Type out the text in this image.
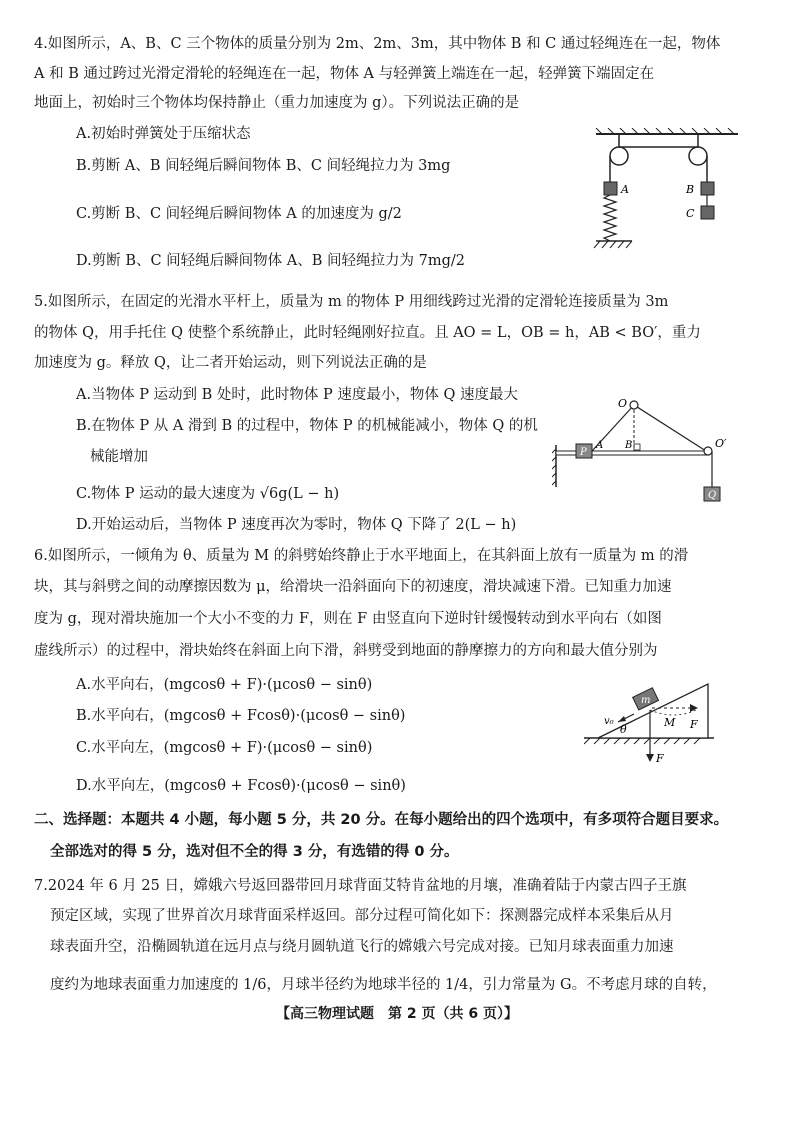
4.如图所示，A、B、C 三个物体的质量分别为 2m、2m、3m，其中物体 B 和 C 通过轻绳连在一起，物体
A 和 B 通过跨过光滑定滑轮的轻绳连在一起，物体 A 与轻弹簧上端连在一起，轻弹簧下端固定在
地面上，初始时三个物体均保持静止（重力加速度为 g）。下列说法正确的是
A.初始时弹簧处于压缩状态
B.剪断 A、B 间轻绳后瞬间物体 B、C 间轻绳拉力为 3mg
C.剪断 B、C 间轻绳后瞬间物体 A 的加速度为 g/2
D.剪断 B、C 间轻绳后瞬间物体 A、B 间轻绳拉力为 7mg/2
A	B
C
5.如图所示，在固定的光滑水平杆上，质量为 m 的物体 P 用细线跨过光滑的定滑轮连接质量为 3m
的物体 Q，用手托住 Q 使整个系统静止，此时轻绳刚好拉直。且 AO = L，OB = h，AB < BO′，重力
加速度为 g。释放 Q，让二者开始运动，则下列说法正确的是
A.当物体 P 运动到 B 处时，此时物体 P 速度最小，物体 Q 速度最大
B.在物体 P 从 A 滑到 B 的过程中，物体 P 的机械能减小，物体 Q 的机
械能增加
C.物体 P 运动的最大速度为 √6g(L − h)
D.开始运动后，当物体 P 速度再次为零时，物体 Q 下降了 2(L − h)
P
O
O′
A B
Q
6.如图所示，一倾角为 θ、质量为 M 的斜劈始终静止于水平地面上，在其斜面上放有一质量为 m 的滑
块，其与斜劈之间的动摩擦因数为 μ，给滑块一沿斜面向下的初速度，滑块减速下滑。已知重力加速
度为 g，现对滑块施加一个大小不变的力 F，则在 F 由竖直向下逆时针缓慢转动到水平向右（如图
虚线所示）的过程中，滑块始终在斜面上向下滑，斜劈受到地面的静摩擦力的方向和最大值分别为
A.水平向右，(mgcosθ + F)·(μcosθ − sinθ)
B.水平向右，(mgcosθ + Fcosθ)·(μcosθ − sinθ)
C.水平向左，(mgcosθ + F)·(μcosθ − sinθ)
D.水平向左，(mgcosθ + Fcosθ)·(μcosθ − sinθ)
θ
m
v₀	F
M
F
二、选择题：本题共 4 小题，每小题 5 分，共 20 分。在每小题给出的四个选项中，有多项符合题目要求。
全部选对的得 5 分，选对但不全的得 3 分，有选错的得 0 分。
7.2024 年 6 月 25 日，嫦娥六号返回器带回月球背面艾特肯盆地的月壤，准确着陆于内蒙古四子王旗
预定区域，实现了世界首次月球背面采样返回。部分过程可简化如下：探测器完成样本采集后从月
球表面升空，沿椭圆轨道在远月点与绕月圆轨道飞行的嫦娥六号完成对接。已知月球表面重力加速
度约为地球表面重力加速度的 1/6，月球半径约为地球半径的 1/4，引力常量为 G。不考虑月球的自转，
【高三物理试题　第 2 页（共 6 页）】
